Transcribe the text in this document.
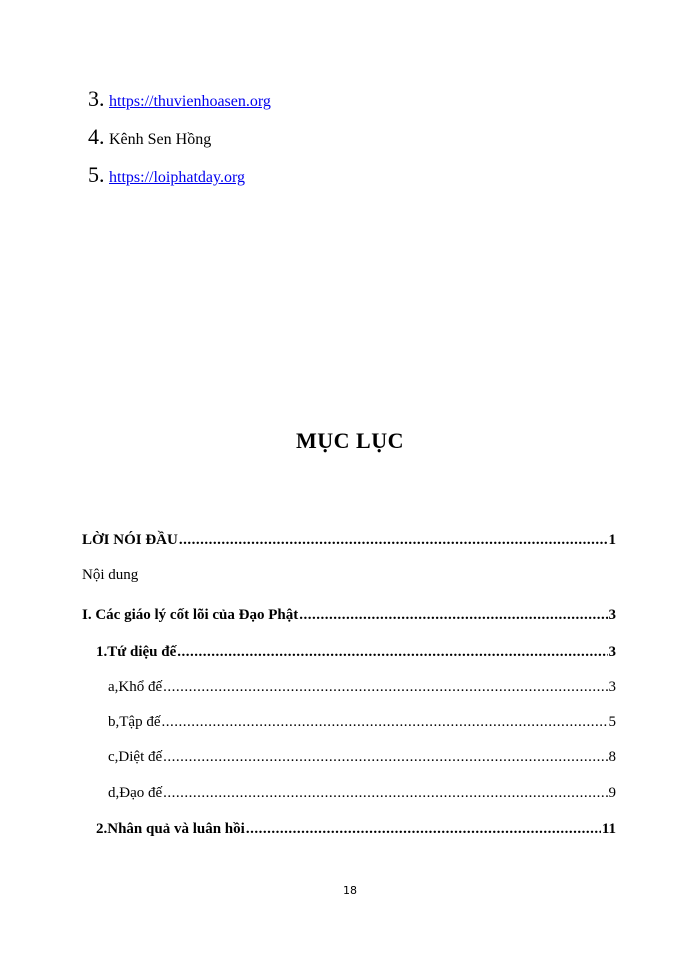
3. https://thuvienhoasen.org
4. Kênh Sen Hồng
5. https://loiphatday.org
MỤC LỤC
LỜI NÓI ĐẦU .....	1
Nội dung
I. Các giáo lý cốt lõi của Đạo Phật .....	3
1.Tứ diệu đế .....	3
a,Khổ đế .....	3
b,Tập đế .....	5
c,Diệt đế .....	8
d,Đạo đế .....	9
2.Nhân quả và luân hồi .....	11
18
